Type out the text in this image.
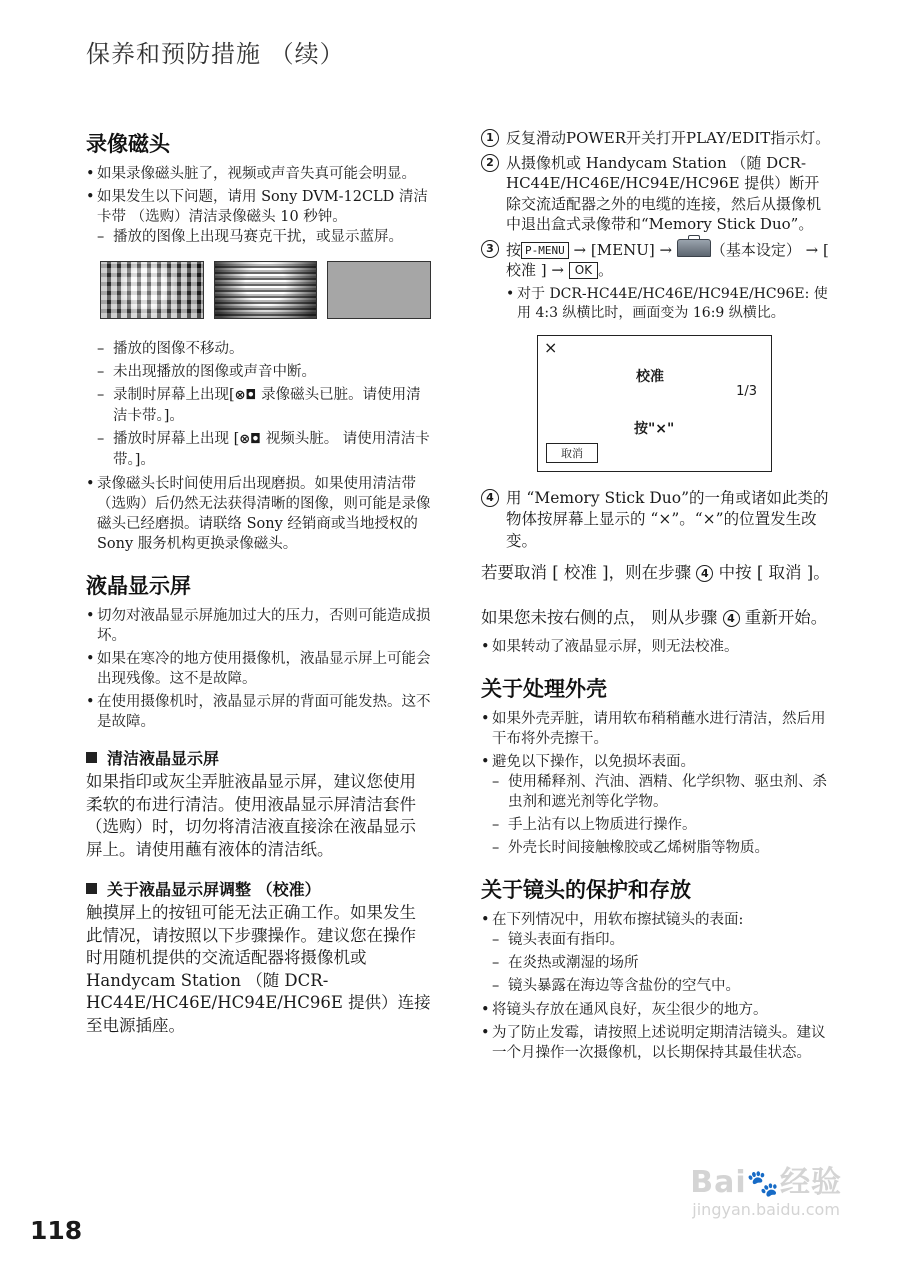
保养和预防措施 （续）
录像磁头
• 如果录像磁头脏了，视频或声音失真可能会明显。
• 如果发生以下问题，请用 Sony DVM-12CLD 清洁卡带 （选购）清洁录像磁头 10 秒钟。
– 播放的图像上出现马赛克干扰，或显示蓝屏。
– 播放的图像不移动。
– 未出现播放的图像或声音中断。
– 录制时屏幕上出现[⊗◘ 录像磁头已脏。请使用清洁卡带。]。
– 播放时屏幕上出现 [⊗◘ 视频头脏。 请使用清洁卡带。]。
• 录像磁头长时间使用后出现磨损。如果使用清洁带 （选购）后仍然无法获得清晰的图像，则可能是录像磁头已经磨损。请联络 Sony 经销商或当地授权的 Sony 服务机构更换录像磁头。
液晶显示屏
• 切勿对液晶显示屏施加过大的压力，否则可能造成损坏。
• 如果在寒冷的地方使用摄像机，液晶显示屏上可能会出现残像。这不是故障。
• 在使用摄像机时，液晶显示屏的背面可能发热。这不是故障。
清洁液晶显示屏

如果指印或灰尘弄脏液晶显示屏，建议您使用柔软的布进行清洁。使用液晶显示屏清洁套件 （选购）时，切勿将清洁液直接涂在液晶显示屏上。请使用蘸有液体的清洁纸。

关于液晶显示屏调整 （校准）

触摸屏上的按钮可能无法正确工作。如果发生此情况，请按照以下步骤操作。建议您在操作时用随机提供的交流适配器将摄像机或 Handycam Station （随 DCR-HC44E/HC46E/HC94E/HC96E 提供）连接至电源插座。

1 反复滑动POWER开关打开PLAY/EDIT指示灯。
2 从摄像机或 Handycam Station （随 DCR-HC44E/HC46E/HC94E/HC96E 提供）断开除交流适配器之外的电缆的连接，然后从摄像机中退出盒式录像带和“Memory Stick Duo”。
3 按 P-MENU → [MENU] →	（基本设定） → [ 校准 ] → OK 。
• 对于 DCR-HC44E/HC46E/HC94E/HC96E: 使用 4:3 纵横比时，画面变为 16:9 纵横比。
×
校准
1/3
按"×"
取消
4 用 “Memory Stick Duo”的一角或诸如此类的物体按屏幕上显示的 “×”。“×”的位置发生改变。

若要取消 [ 校准 ]，则在步骤 4 中按 [ 取消 ]。

如果您未按右侧的点， 则从步骤 4 重新开始。

• 如果转动了液晶显示屏，则无法校准。
关于处理外壳
• 如果外壳弄脏，请用软布稍稍蘸水进行清洁，然后用干布将外壳擦干。
• 避免以下操作，以免损坏表面。
– 使用稀释剂、汽油、酒精、化学织物、驱虫剂、杀虫剂和遮光剂等化学物。
– 手上沾有以上物质进行操作。
– 外壳长时间接触橡胶或乙烯树脂等物质。
关于镜头的保护和存放
• 在下列情况中，用软布擦拭镜头的表面:
– 镜头表面有指印。
– 在炎热或潮湿的场所
– 镜头暴露在海边等含盐份的空气中。
• 将镜头存放在通风良好，灰尘很少的地方。
• 为了防止发霉，请按照上述说明定期清洁镜头。建议一个月操作一次摄像机，以长期保持其最佳状态。
118
Bai🐾经验
jingyan.baidu.com
